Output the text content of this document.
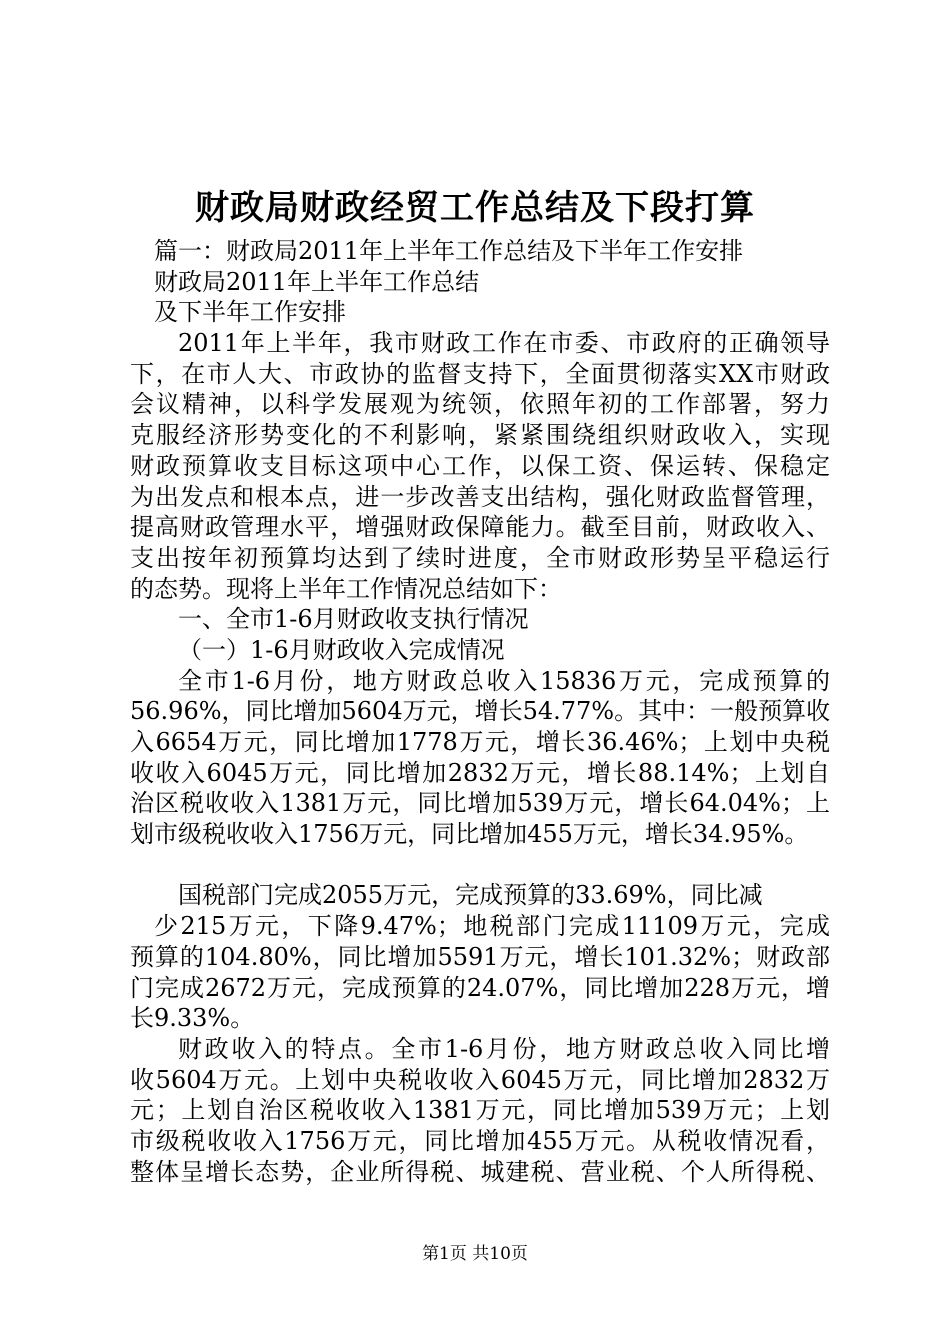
财政局财政经贸工作总结及下段打算
篇一：财政局2011年上半年工作总结及下半年工作安排
财政局2011年上半年工作总结
及下半年工作安排
2011年上半年，我市财政工作在市委、市政府的正确领导
下，在市人大、市政协的监督支持下，全面贯彻落实XX市财政
会议精神，以科学发展观为统领，依照年初的工作部署，努力
克服经济形势变化的不利影响，紧紧围绕组织财政收入，实现
财政预算收支目标这项中心工作，以保工资、保运转、保稳定
为出发点和根本点，进一步改善支出结构，强化财政监督管理，
提高财政管理水平，增强财政保障能力。截至目前，财政收入、
支出按年初预算均达到了续时进度，全市财政形势呈平稳运行
的态势。现将上半年工作情况总结如下：
一、全市1-6月财政收支执行情况
（一）1-6月财政收入完成情况
全市1-6月份，地方财政总收入15836万元，完成预算的
56.96%，同比增加5604万元，增长54.77%。其中：一般预算收
入6654万元，同比增加1778万元，增长36.46%；上划中央税
收收入6045万元，同比增加2832万元，增长88.14%；上划自
治区税收收入1381万元，同比增加539万元，增长64.04%；上
划市级税收收入1756万元，同比增加455万元，增长34.95%。
国税部门完成2055万元，完成预算的33.69%，同比减
少215万元，下降9.47%；地税部门完成11109万元，完成
预算的104.80%，同比增加5591万元，增长101.32%；财政部
门完成2672万元，完成预算的24.07%，同比增加228万元，增
长9.33%。
财政收入的特点。全市1-6月份，地方财政总收入同比增
收5604万元。上划中央税收收入6045万元，同比增加2832万
元；上划自治区税收收入1381万元，同比增加539万元；上划
市级税收收入1756万元，同比增加455万元。从税收情况看，
整体呈增长态势，企业所得税、城建税、营业税、个人所得税、
第1页 共10页
